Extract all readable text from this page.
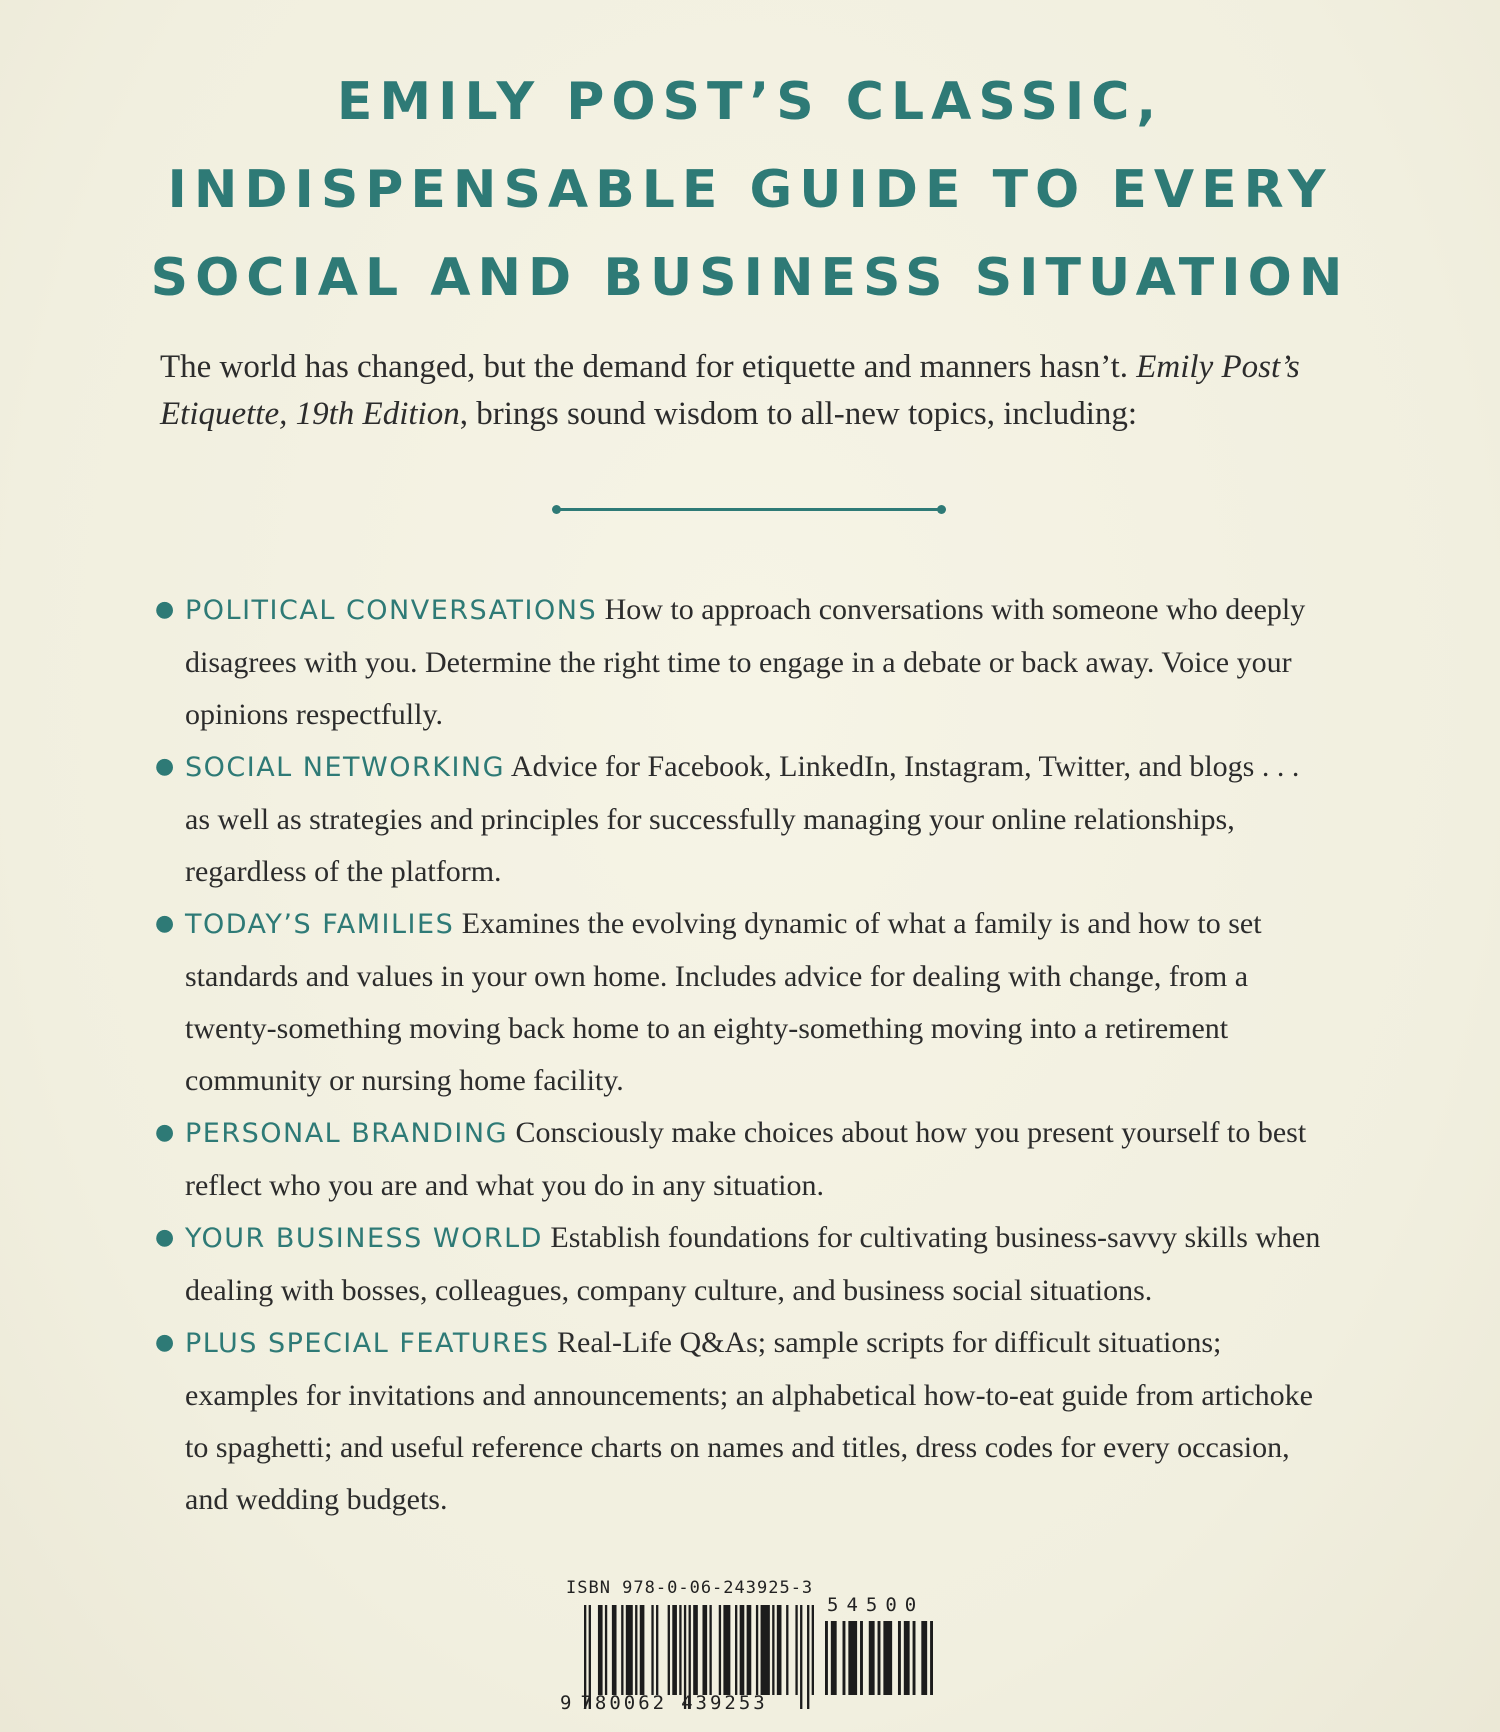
EMILY POST’S CLASSIC,
INDISPENSABLE GUIDE TO EVERY
SOCIAL AND BUSINESS SITUATION
The world has changed, but the demand for etiquette and manners hasn’t. Emily Post’s Etiquette, 19th Edition, brings sound wisdom to all-new topics, including:
● POLITICAL CONVERSATIONS How to approach conversations with someone who deeply disagrees with you. Determine the right time to engage in a debate or back away. Voice your opinions respectfully.
● SOCIAL NETWORKING Advice for Facebook, LinkedIn, Instagram, Twitter, and blogs . . . as well as strategies and principles for successfully managing your online relationships, regardless of the platform.
● TODAY’S FAMILIES Examines the evolving dynamic of what a family is and how to set standards and values in your own home. Includes advice for dealing with change, from a twenty-something moving back home to an eighty-something moving into a retirement community or nursing home facility.
● PERSONAL BRANDING Consciously make choices about how you present yourself to best reflect who you are and what you do in any situation.
● YOUR BUSINESS WORLD Establish foundations for cultivating business-savvy skills when dealing with bosses, colleagues, company culture, and business social situations.
● PLUS SPECIAL FEATURES Real-Life Q&As; sample scripts for difficult situations; examples for invitations and announcements; an alphabetical how-to-eat guide from artichoke to spaghetti; and useful reference charts on names and titles, dress codes for every occasion, and wedding budgets.
ISBN 978-0-06-243925-3
54500
9 780062 439253
